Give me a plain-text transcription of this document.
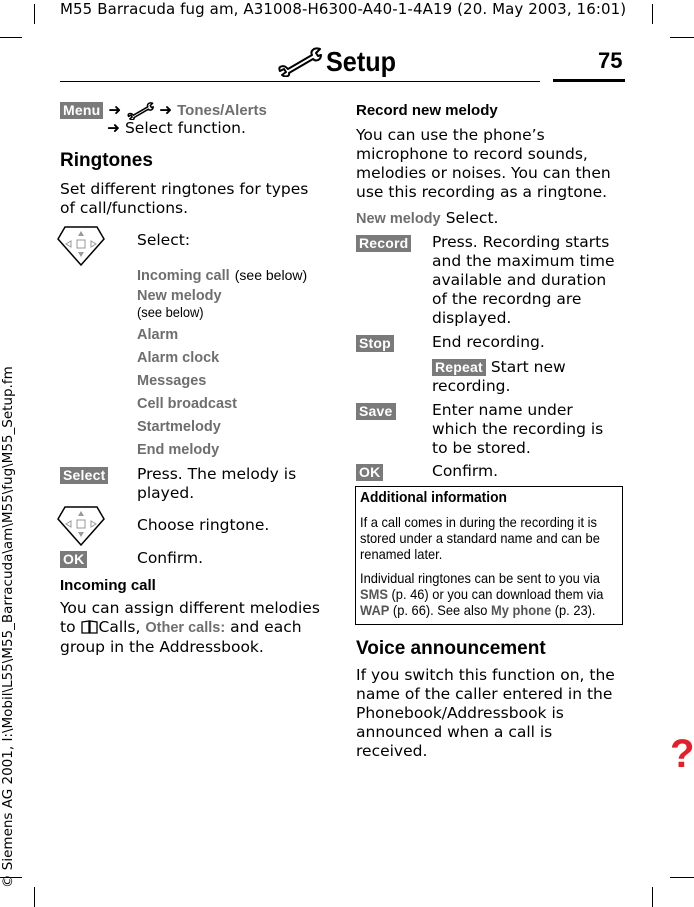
M55 Barracuda fug am, A31008-H6300-A40-1-4A19 (20. May 2003, 16:01)
© Siemens AG 2001, I:\Mobil\L55\M55_Barracuda\am\M55\fug\M55_Setup.fm
Setup	75
Menu ➜ ➜ Tones/Alerts
➜ Select function.
Ringtones
Set different ringtones for types of call/functions.
Select:
Incoming call (see below)
New melody
(see below)
Alarm
Alarm clock
Messages
Cell broadcast
Startmelody
End melody
Select Press. The melody is played.
Choose ringtone.
OK	Confirm.
Incoming call
You can assign different melodies to Calls, Other calls: and each group in the Addressbook.
Record new melody
You can use the phone’s microphone to record sounds, melodies or noises. You can then use this recording as a ringtone.
New melody Select.
Record Press. Recording starts and the maximum time available and duration of the recordng are displayed.
Stop	End recording.
Repeat Start new recording.
Save	Enter name under which the recording is to be stored.
OK	Confirm.
Additional information
If a call comes in during the recording it is stored under a standard name and can be renamed later.
Individual ringtones can be sent to you via SMS (p. 46) or you can download them via WAP (p. 66). See also My phone (p. 23).
Voice announcement
If you switch this function on, the name of the caller entered in the Phonebook/Addressbook is announced when a call is received.	?
